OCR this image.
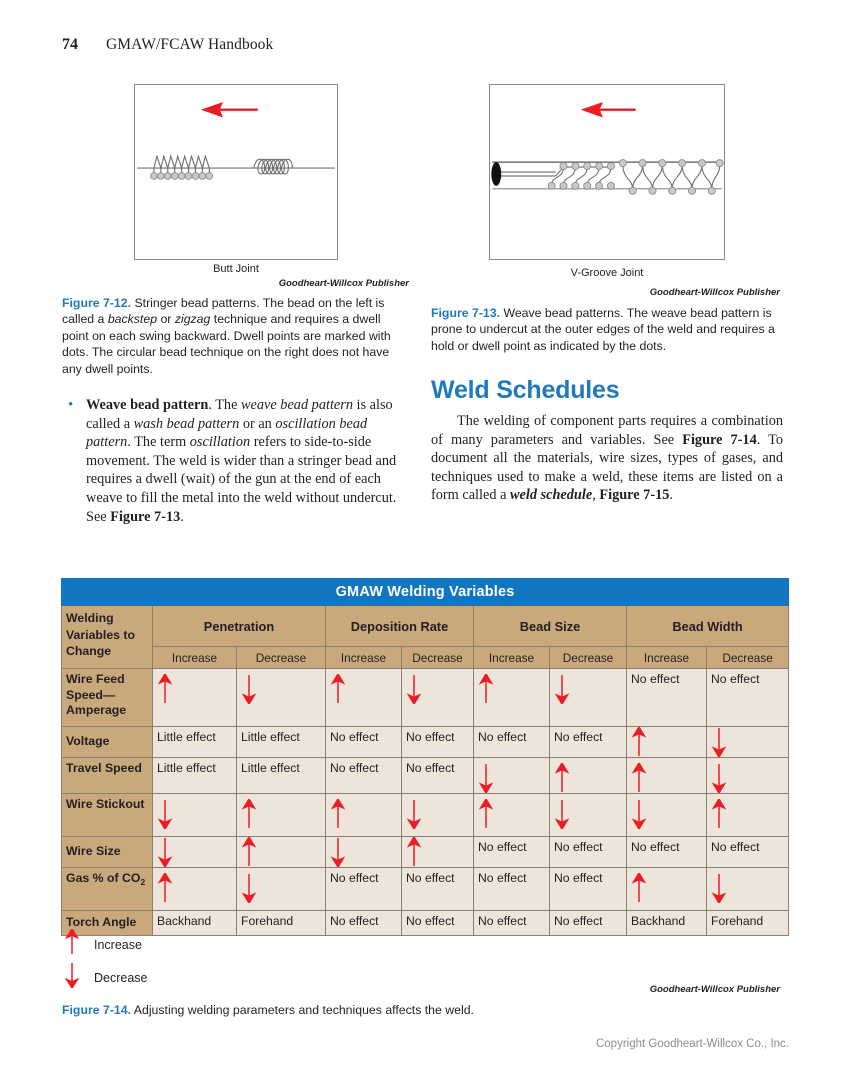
74	GMAW/FCAW Handbook
Butt Joint
Goodheart-Willcox Publisher
Figure 7-12. Stringer bead patterns. The bead on the left is called a backstep or zigzag technique and requires a dwell point on each swing backward. Dwell points are marked with dots. The circular bead technique on the right does not have any dwell points.
V-Groove Joint
Goodheart-Willcox Publisher
Figure 7-13. Weave bead patterns. The weave bead pattern is prone to undercut at the outer edges of the weld and requires a hold or dwell point as indicated by the dots.
• Weave bead pattern. The weave bead pattern is also called a wash bead pattern or an oscillation bead pattern. The term oscillation refers to side-to-side movement. The weld is wider than a stringer bead and requires a dwell (wait) of the gun at the end of each weave to fill the metal into the weld without undercut. See Figure 7-13.
Weld Schedules
The welding of component parts requires a combination of many parameters and variables. See Figure 7-14. To document all the materials, wire sizes, types of gases, and techniques used to make a weld, these items are listed on a form called a weld schedule, Figure 7-15.
GMAW Welding Variables								
Welding Variables to Change	Penetration		Deposition Rate		Bead Size		Bead Width	
	Increase	Decrease	Increase	Decrease	Increase	Decrease	Increase	Decrease
Wire Feed Speed—Amperage							No effect	No effect
Voltage	Little effect	Little effect	No effect	No effect	No effect	No effect	

Travel Speed	Little effect	Little effect	No effect	No effect	

Wire Stickout	

Wire Size					No effect	No effect	No effect	No effect
Gas % of $CO_2$			No effect	No effect	No effect	No effect	

Torch Angle	Backhand	Forehand	No effect	No effect	No effect	No effect	Backhand	Forehand
Increase
Decrease
Goodheart-Willcox Publisher
Figure 7-14. Adjusting welding parameters and techniques affects the weld.
Copyright Goodheart-Willcox Co., Inc.
